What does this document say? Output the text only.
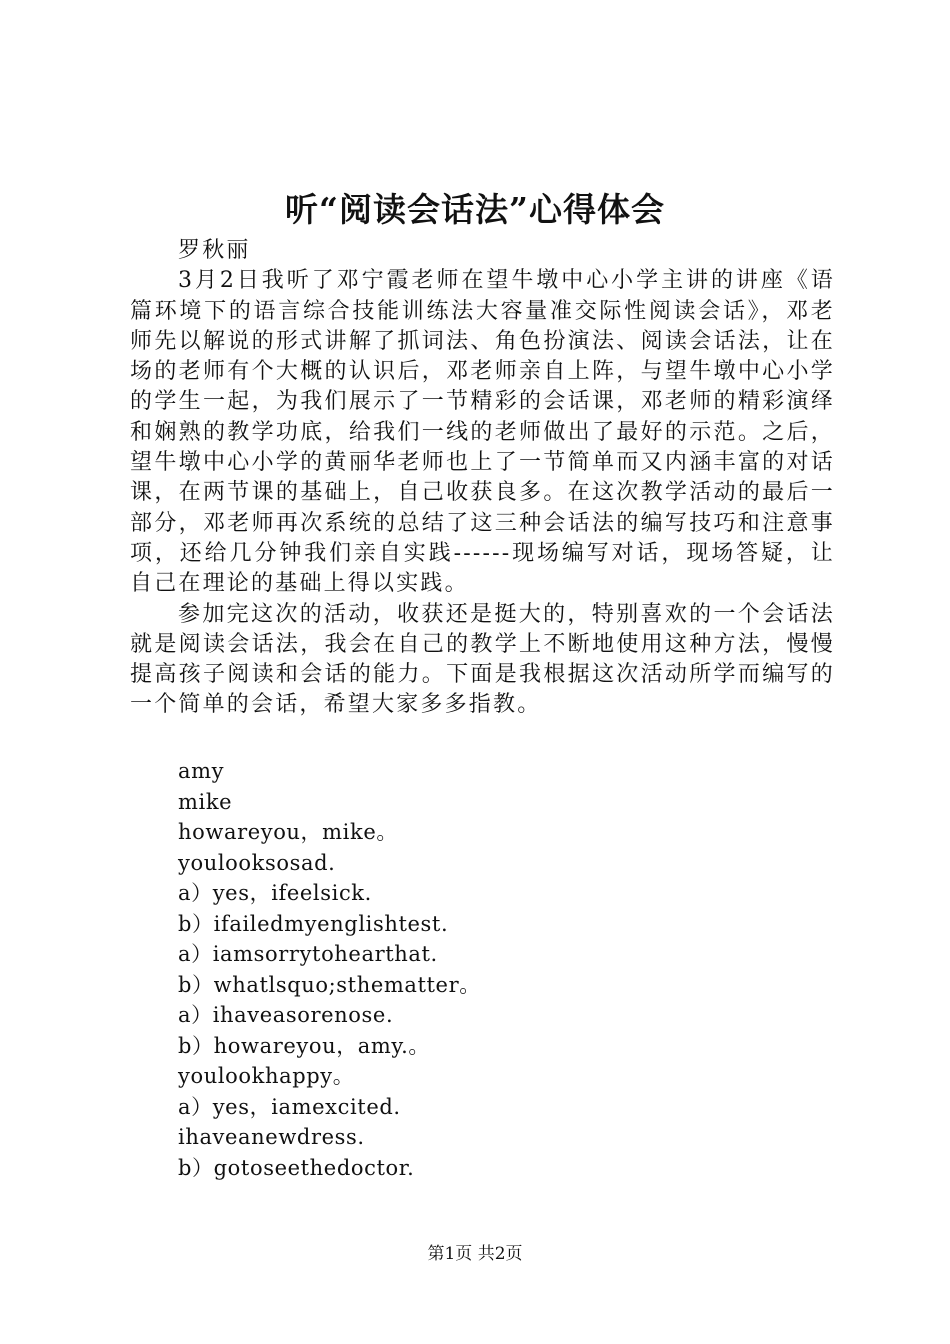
听“阅读会话法”心得体会

罗秋丽

3月2日我听了邓宁霞老师在望牛墩中心小学主讲的讲座《语篇环境下的语言综合技能训练法大容量准交际性阅读会话》，邓老师先以解说的形式讲解了抓词法、角色扮演法、阅读会话法，让在场的老师有个大概的认识后，邓老师亲自上阵，与望牛墩中心小学的学生一起，为我们展示了一节精彩的会话课，邓老师的精彩演绎和娴熟的教学功底，给我们一线的老师做出了最好的示范。之后，望牛墩中心小学的黄丽华老师也上了一节简单而又内涵丰富的对话课，在两节课的基础上，自己收获良多。在这次教学活动的最后一部分，邓老师再次系统的总结了这三种会话法的编写技巧和注意事项，还给几分钟我们亲自实践------现场编写对话，现场答疑，让自己在理论的基础上得以实践。

参加完这次的活动，收获还是挺大的，特别喜欢的一个会话法就是阅读会话法，我会在自己的教学上不断地使用这种方法，慢慢提高孩子阅读和会话的能力。下面是我根据这次活动所学而编写的一个简单的会话，希望大家多多指教。

amy
mike
howareyou，mike。
youlooksosad.
a）yes，ifeelsick.
b）ifailedmyenglishtest.
a）iamsorrytohearthat.
b）whatlsquo;sthematter。
a）ihaveasorenose.
b）howareyou，amy.。
youlookhappy。
a）yes，iamexcited.
ihaveanewdress.
b）gotoseethedoctor.
第1页 共2页
